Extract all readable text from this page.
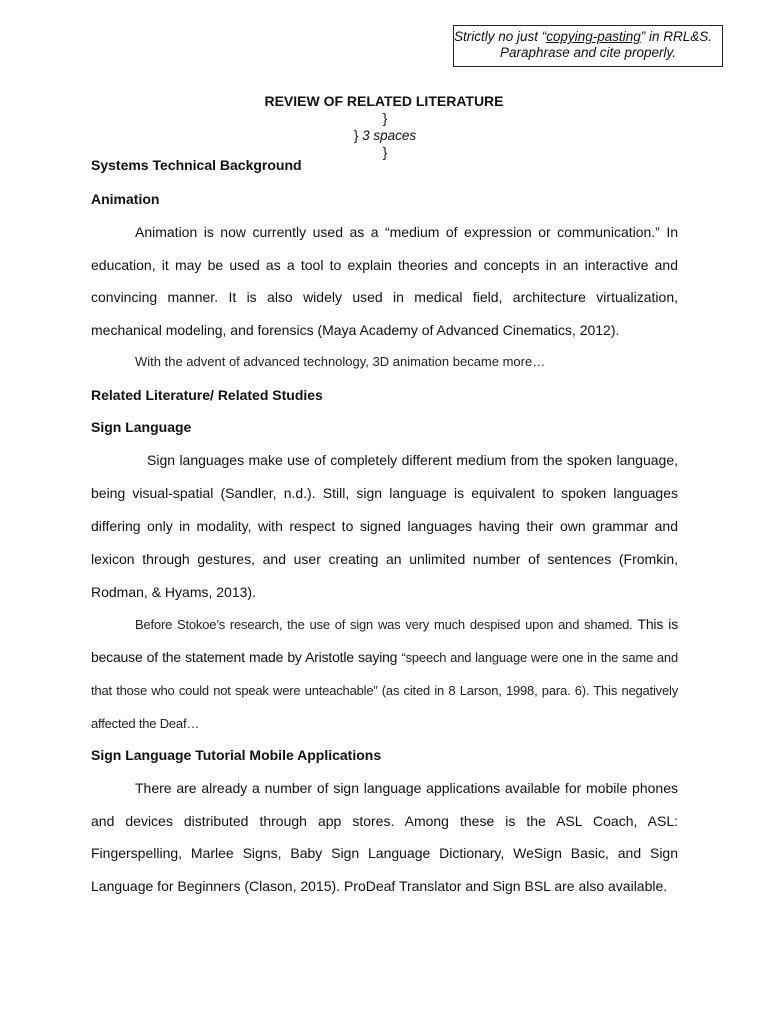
Strictly no just “copying-pasting” in RRL&S.
Paraphrase and cite properly.
REVIEW OF RELATED LITERATURE
}
} 3 spaces
}
Systems Technical Background
Animation

Animation is now currently used as a “medium of expression or communication.” In education, it may be used as a tool to explain theories and concepts in an interactive and convincing manner. It is also widely used in medical field, architecture virtualization, mechanical modeling, and forensics (Maya Academy of Advanced Cinematics, 2012).

With the advent of advanced technology, 3D animation became more…
Related Literature/ Related Studies
Sign Language

Sign languages make use of completely different medium from the spoken language, being visual-spatial (Sandler, n.d.). Still, sign language is equivalent to spoken languages differing only in modality, with respect to signed languages having their own grammar and lexicon through gestures, and user creating an unlimited number of sentences (Fromkin, Rodman, & Hyams, 2013).

Before Stokoe’s research, the use of sign was very much despised upon and shamed. This is because of the statement made by Aristotle saying “speech and language were one in the same and that those who could not speak were unteachable” (as cited in 8 Larson, 1998, para. 6). This negatively affected the Deaf…

Sign Language Tutorial Mobile Applications

There are already a number of sign language applications available for mobile phones and devices distributed through app stores. Among these is the ASL Coach, ASL: Fingerspelling, Marlee Signs, Baby Sign Language Dictionary, WeSign Basic, and Sign Language for Beginners (Clason, 2015). ProDeaf Translator and Sign BSL are also available.
